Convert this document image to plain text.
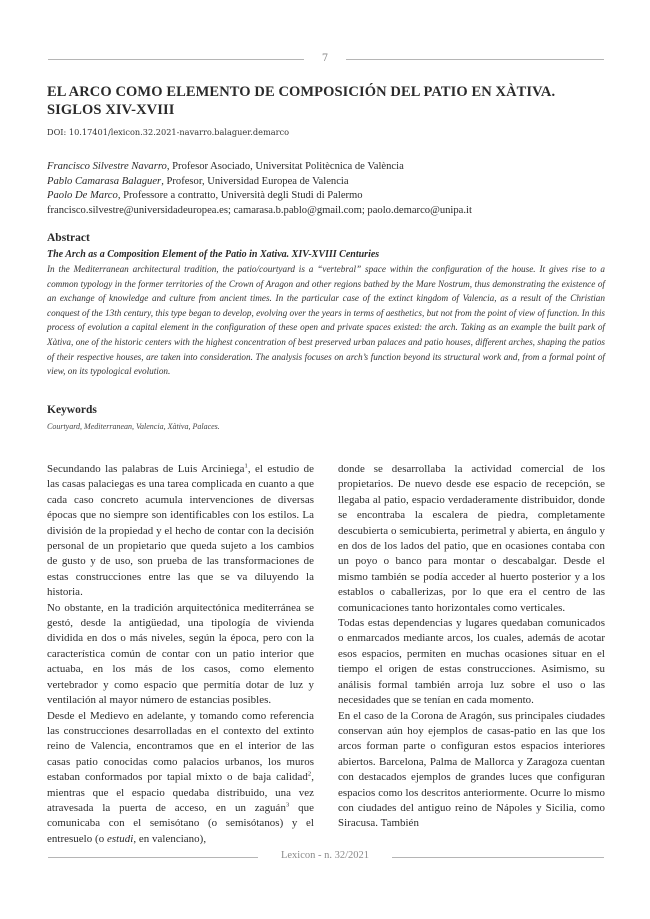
7
EL ARCO COMO ELEMENTO DE COMPOSICIÓN DEL PATIO EN XÀTIVA.
SIGLOS XIV-XVIII
DOI: 10.17401/lexicon.32.2021-navarro.balaguer.demarco
Francisco Silvestre Navarro, Profesor Asociado, Universitat Politècnica de València
Pablo Camarasa Balaguer, Profesor, Universidad Europea de Valencia
Paolo De Marco, Professore a contratto, Università degli Studi di Palermo
francisco.silvestre@universidadeuropea.es; camarasa.b.pablo@gmail.com; paolo.demarco@unipa.it
Abstract
The Arch as a Composition Element of the Patio in Xativa. XIV-XVIII Centuries
In the Mediterranean architectural tradition, the patio/courtyard is a “vertebral” space within the configuration of the house. It gives rise to a common typology in the former territories of the Crown of Aragon and other regions bathed by the Mare Nostrum, thus demonstrating the existence of an exchange of knowledge and culture from ancient times. In the particular case of the extinct kingdom of Valencia, as a result of the Christian conquest of the 13th century, this type began to develop, evolving over the years in terms of aesthetics, but not from the point of view of function. In this process of evolution a capital element in the configuration of these open and private spaces existed: the arch. Taking as an example the built park of Xàtiva, one of the historic centers with the highest concentration of best preserved urban palaces and patio houses, different arches, shaping the patios of their respective houses, are taken into consideration. The analysis focuses on arch’s function beyond its structural work and, from a formal point of view, on its typological evolution.
Keywords
Courtyard, Mediterranean, Valencia, Xàtiva, Palaces.

Secundando las palabras de Luis Arciniega$^1$, el estudio de las casas palaciegas es una tarea complicada en cuanto a que cada caso concreto acumula intervenciones de diversas épocas que no siempre son identificables con los estilos. La división de la propiedad y el hecho de contar con la decisión personal de un propietario que queda sujeto a los cambios de gusto y de uso, son prueba de las transformaciones de estas construcciones entre las que se va diluyendo la historia.

No obstante, en la tradición arquitectónica mediterránea se gestó, desde la antigüedad, una tipología de vivienda dividida en dos o más niveles, según la época, pero con la característica común de contar con un patio interior que actuaba, en los más de los casos, como elemento vertebrador y como espacio que permitía dotar de luz y ventilación al mayor número de estancias posibles.

Desde el Medievo en adelante, y tomando como referencia las construcciones desarrolladas en el contexto del extinto reino de Valencia, encontramos que en el interior de las casas patio conocidas como palacios urbanos, los muros estaban conformados por tapial mixto o de baja calidad$^2$, mientras que el espacio quedaba distribuido, una vez atravesada la puerta de acceso, en un zaguán$^3$ que comunicaba con el semisótano (o semisótanos) y el entresuelo (o estudi, en valenciano),

donde se desarrollaba la actividad comercial de los propietarios. De nuevo desde ese espacio de recepción, se llegaba al patio, espacio verdaderamente distribuidor, donde se encontraba la escalera de piedra, completamente descubierta o semicubierta, perimetral y abierta, en ángulo y en dos de los lados del patio, que en ocasiones contaba con un poyo o banco para montar o descabalgar. Desde el mismo también se podía acceder al huerto posterior y a los establos o caballerizas, por lo que era el centro de las comunicaciones tanto horizontales como verticales.

Todas estas dependencias y lugares quedaban comunicados o enmarcados mediante arcos, los cuales, además de acotar esos espacios, permiten en muchas ocasiones situar en el tiempo el origen de estas construcciones. Asimismo, su análisis formal también arroja luz sobre el uso o las necesidades que se tenían en cada momento.

En el caso de la Corona de Aragón, sus principales ciudades conservan aún hoy ejemplos de casas-patio en las que los arcos forman parte o configuran estos espacios interiores abiertos. Barcelona, Palma de Mallorca y Zaragoza cuentan con destacados ejemplos de grandes luces que configuran espacios como los descritos anteriormente. Ocurre lo mismo con ciudades del antiguo reino de Nápoles y Sicilia, como Siracusa. También

Lexicon - n. 32/2021
